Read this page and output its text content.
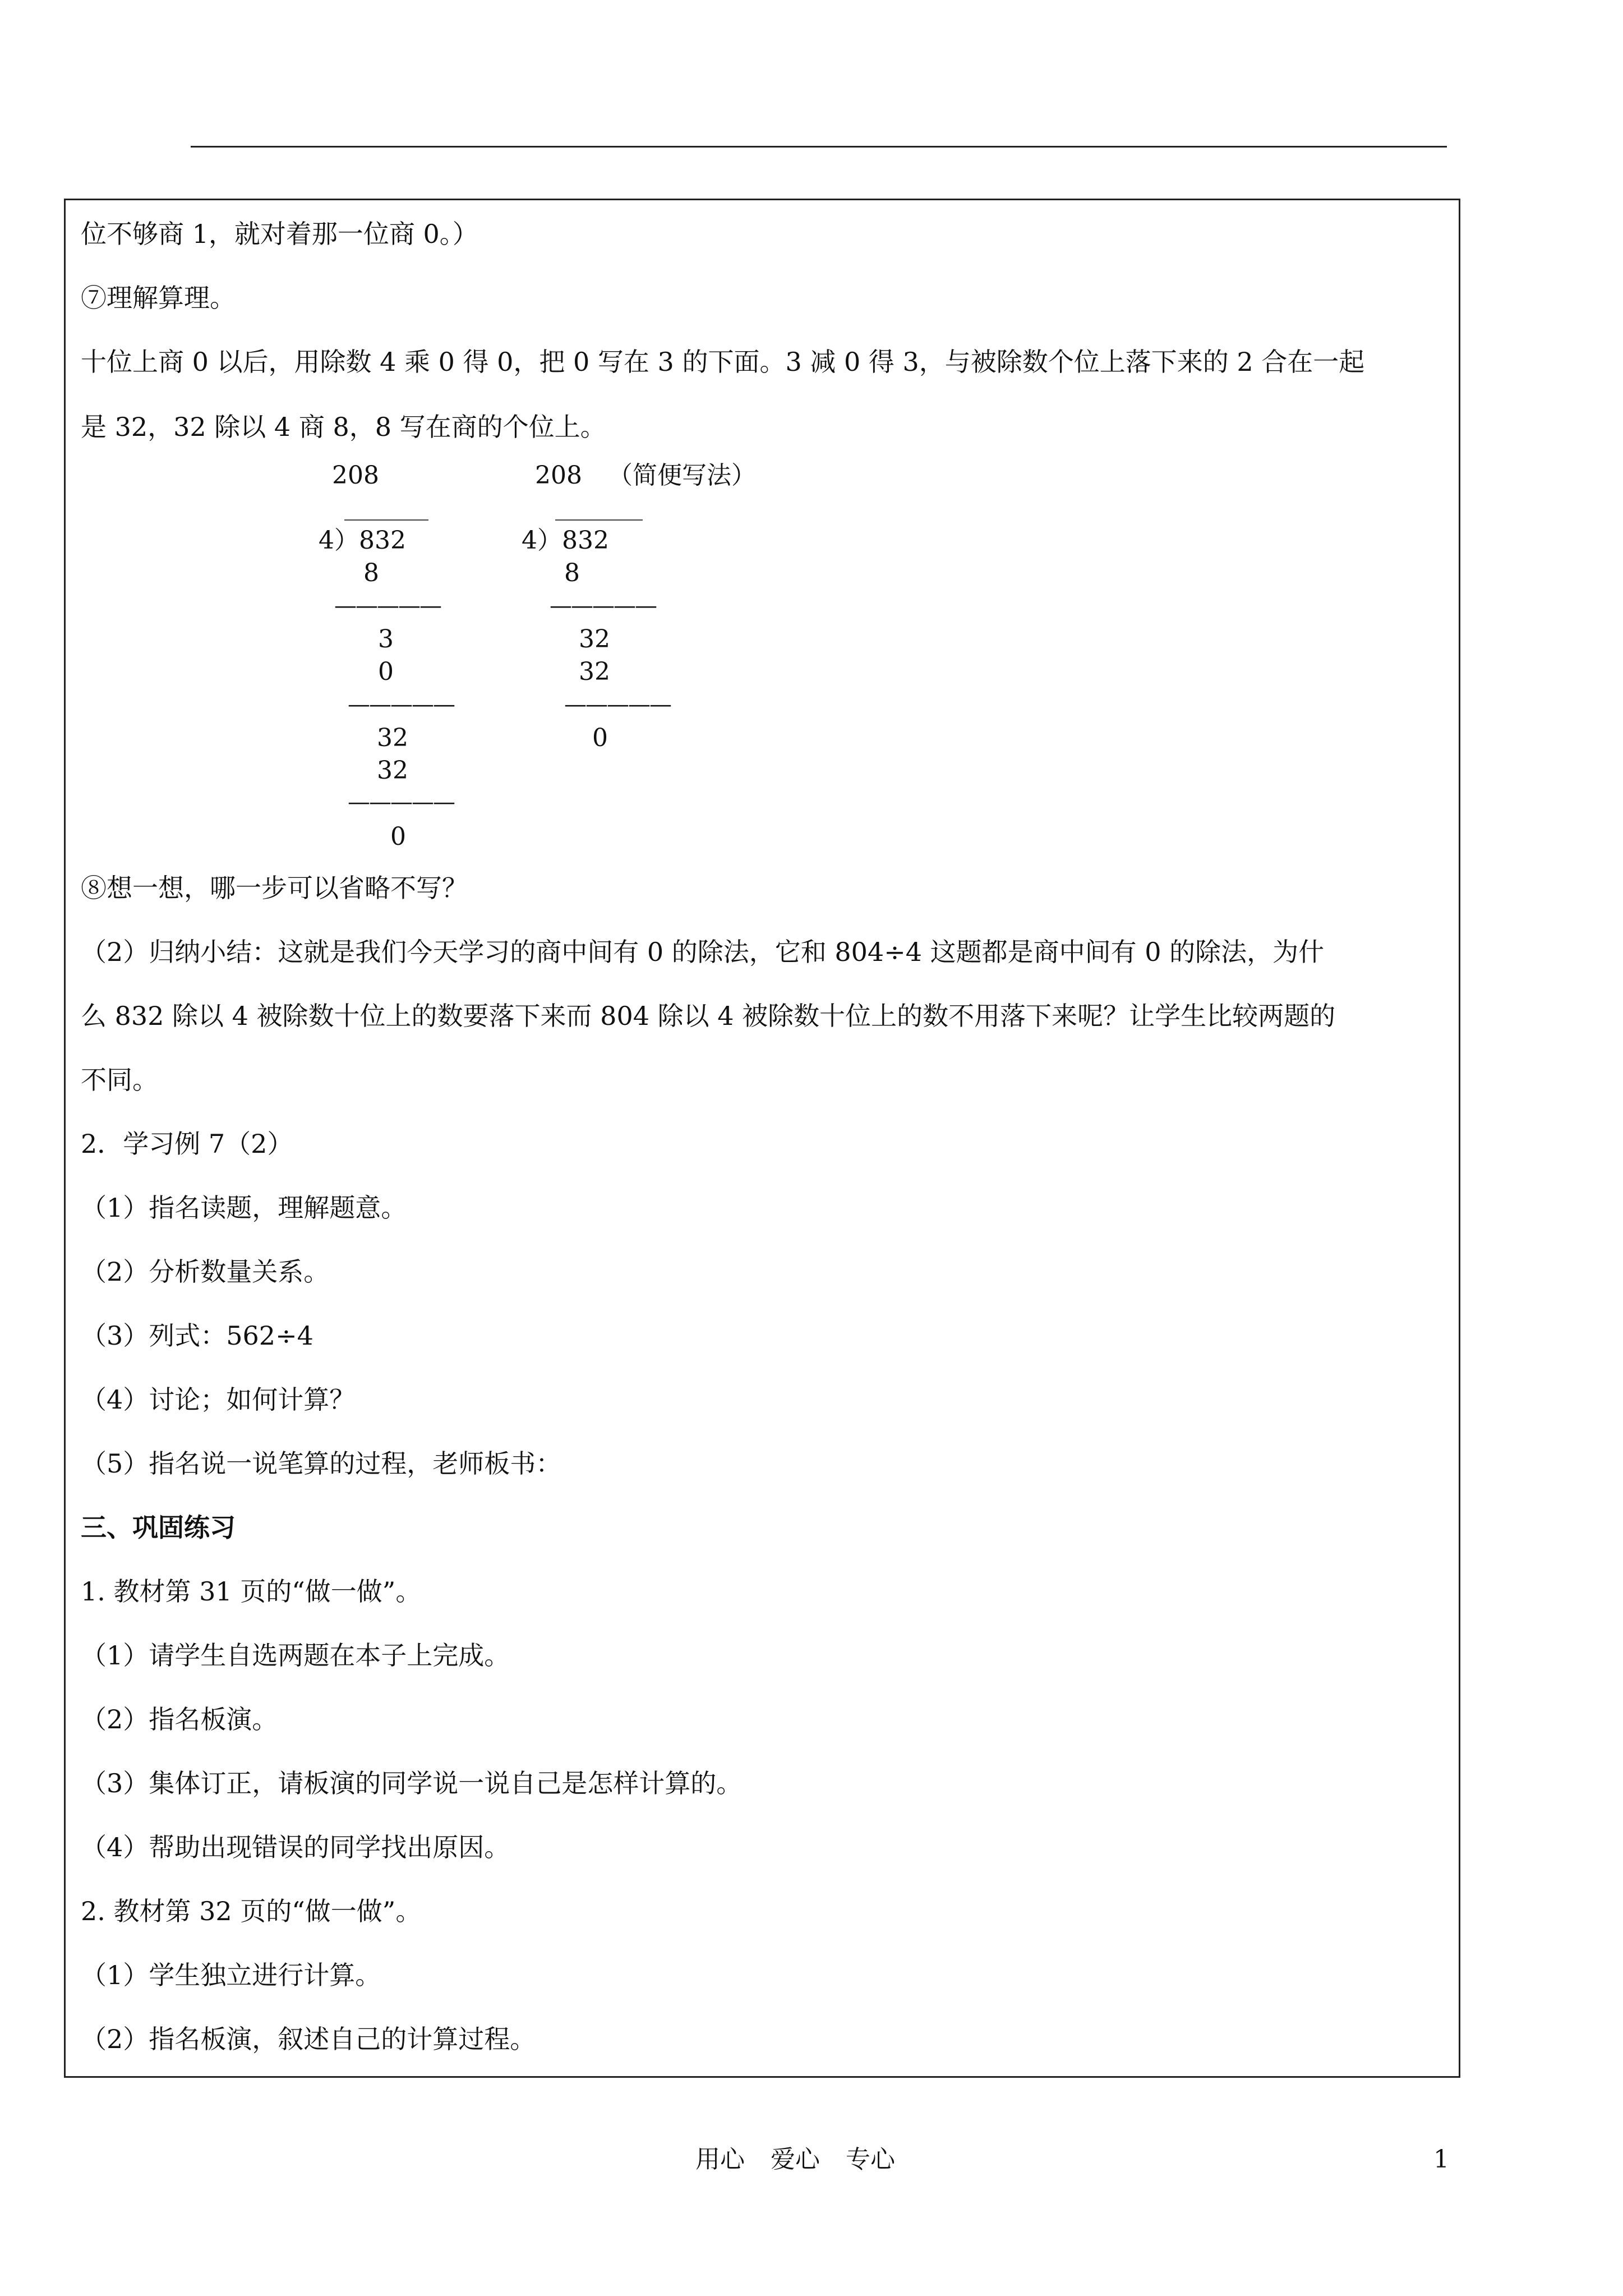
位不够商 1，就对着那一位商 0。）
⑦理解算理。
十位上商 0 以后，用除数 4 乘 0 得 0，把 0 写在 3 的下面。3 减 0 得 3，与被除数个位上落下来的 2 合在一起
是 32，32 除以 4 商 8，8 写在商的个位上。
208
4）832
8
—————
3
0
—————
32
32
—————
0
208 （简便写法）
4）832
8
—————
32
32
—————
0
⑧想一想，哪一步可以省略不写？
（2）归纳小结：这就是我们今天学习的商中间有 0 的除法，它和 804÷4 这题都是商中间有 0 的除法，为什
么 832 除以 4 被除数十位上的数要落下来而 804 除以 4 被除数十位上的数不用落下来呢？让学生比较两题的
不同。
2．学习例 7（2）
（1）指名读题，理解题意。
（2）分析数量关系。
（3）列式：562÷4
（4）讨论；如何计算？
（5）指名说一说笔算的过程，老师板书：
三、巩固练习
1. 教材第 31 页的“做一做”。
（1）请学生自选两题在本子上完成。
（2）指名板演。
（3）集体订正，请板演的同学说一说自己是怎样计算的。
（4）帮助出现错误的同学找出原因。
2. 教材第 32 页的“做一做”。
（1）学生独立进行计算。
（2）指名板演，叙述自己的计算过程。
用心 爱心 专心	1
